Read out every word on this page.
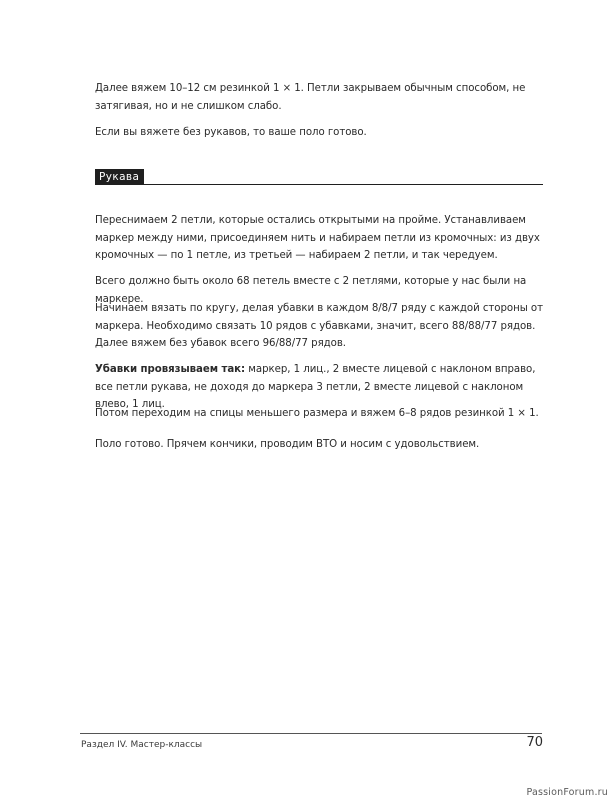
Далее вяжем 10–12 см резинкой 1 × 1. Петли закрываем обычным способом, не затягивая, но и не слишком слабо.

Если вы вяжете без рукавов, то ваше поло готово.

Рукава

Переснимаем 2 петли, которые остались открытыми на пройме. Устанавливаем маркер между ними, присоединяем нить и набираем петли из кромочных: из двух кромочных — по 1 петле, из третьей — набираем 2 петли, и так чередуем.

Всего должно быть около 68 петель вместе с 2 петлями, которые у нас были на маркере.

Начинаем вязать по кругу, делая убавки в каждом 8/8/7 ряду с каждой стороны от маркера. Необходимо связать 10 рядов с убавками, значит, всего 88/88/77 рядов. Далее вяжем без убавок всего 96/88/77 рядов.

Убавки провязываем так: маркер, 1 лиц., 2 вместе лицевой с наклоном вправо, все петли рукава, не доходя до маркера 3 петли, 2 вместе лицевой с наклоном влево, 1 лиц.

Потом переходим на спицы меньшего размера и вяжем 6–8 рядов резинкой 1 × 1.

Поло готово. Прячем кончики, проводим ВТО и носим с удовольствием.

Раздел IV. Мастер-классы	70
PassionForum.ru
